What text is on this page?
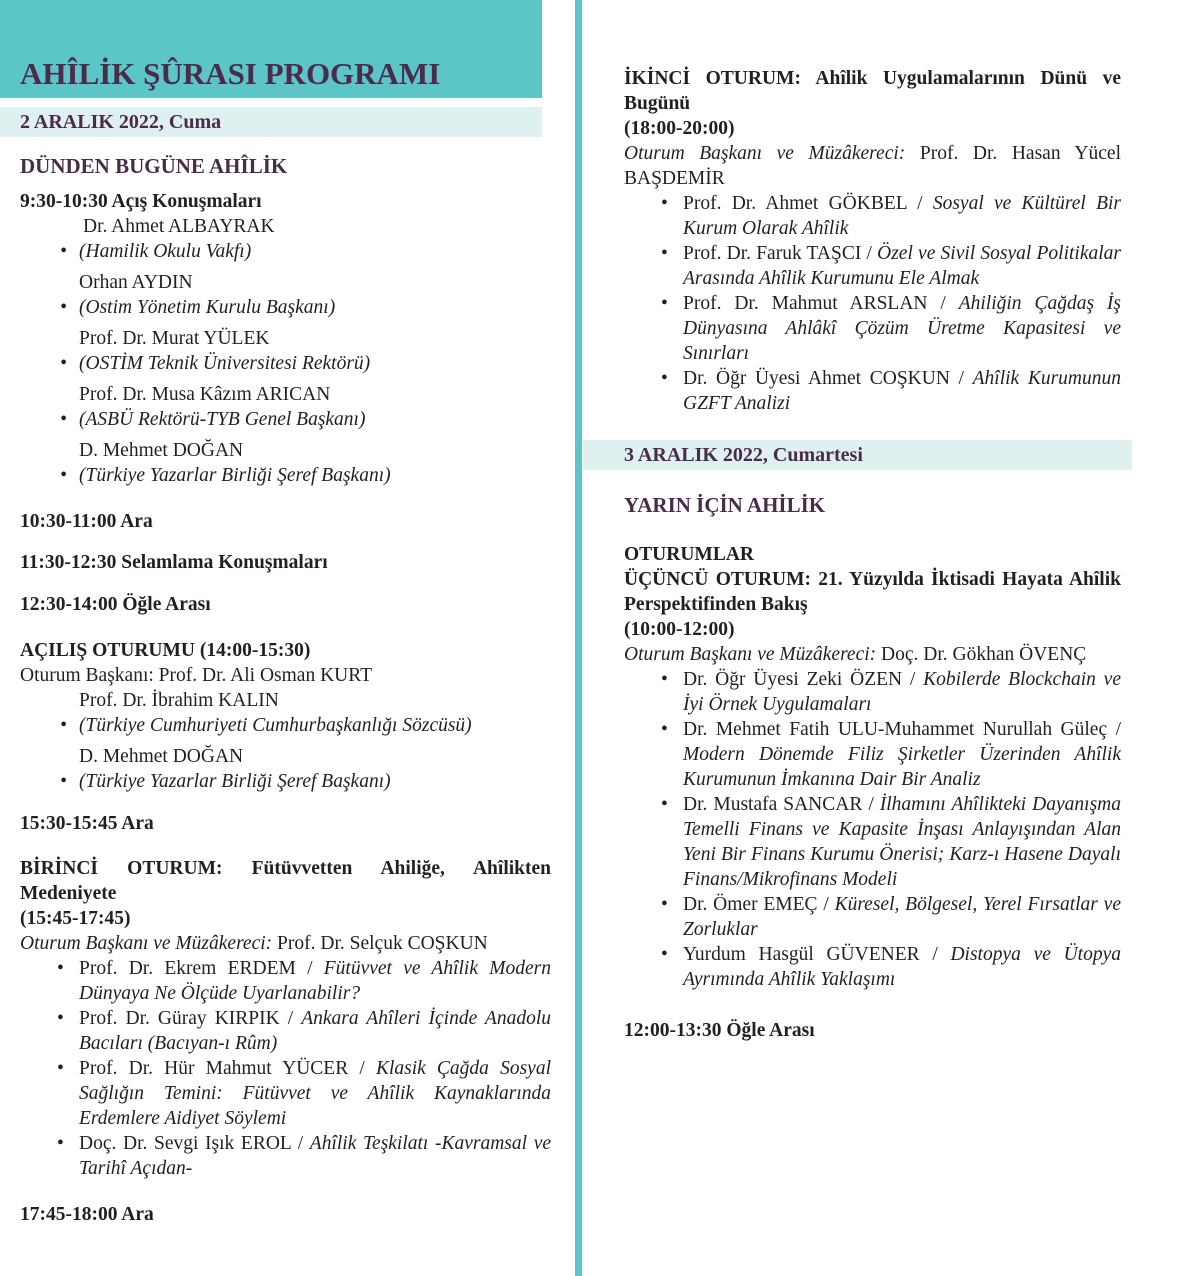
AHÎLİK ŞÛRASI PROGRAMI
2 ARALIK 2022, Cuma
DÜNDEN BUGÜNE AHÎLİK
9:30-10:30 Açış Konuşmaları
Dr. Ahmet ALBAYRAK
• (Hamilik Okulu Vakfı)
Orhan AYDIN
• (Ostim Yönetim Kurulu Başkanı)
Prof. Dr. Murat YÜLEK
• (OSTİM Teknik Üniversitesi Rektörü)
Prof. Dr. Musa Kâzım ARICAN
• (ASBÜ Rektörü-TYB Genel Başkanı)
D. Mehmet DOĞAN
• (Türkiye Yazarlar Birliği Şeref Başkanı)
10:30-11:00 Ara
11:30-12:30 Selamlama Konuşmaları
12:30-14:00 Öğle Arası
AÇILIŞ OTURUMU (14:00-15:30)
Oturum Başkanı: Prof. Dr. Ali Osman KURT
Prof. Dr. İbrahim KALIN
• (Türkiye Cumhuriyeti Cumhurbaşkanlığı Sözcüsü)
D. Mehmet DOĞAN
• (Türkiye Yazarlar Birliği Şeref Başkanı)
15:30-15:45 Ara
BİRİNCİ OTURUM: Fütüvvetten Ahiliğe, Ahîlikten Medeniyete
(15:45-17:45)
Oturum Başkanı ve Müzâkereci: Prof. Dr. Selçuk COŞKUN
•
Prof. Dr. Ekrem ERDEM / Fütüvvet ve Ahîlik Modern Dünyaya Ne Ölçüde Uyarlanabilir?
•
Prof. Dr. Güray KIRPIK / Ankara Ahîleri İçinde Anadolu Bacıları (Bacıyan-ı Rûm)
•
Prof. Dr. Hür Mahmut YÜCER / Klasik Çağda Sosyal Sağlığın Temini: Fütüvvet ve Ahîlik Kaynaklarında Erdemlere Aidiyet Söylemi
•
Doç. Dr. Sevgi Işık EROL / Ahîlik Teşkilatı -Kavramsal ve Tarihî Açıdan-
17:45-18:00 Ara
İKİNCİ OTURUM: Ahîlik Uygulamalarının Dünü ve Bugünü
(18:00-20:00)
Oturum Başkanı ve Müzâkereci: Prof. Dr. Hasan Yücel BAŞDEMİR
•
Prof. Dr. Ahmet GÖKBEL / Sosyal ve Kültürel Bir Kurum Olarak Ahîlik
•
Prof. Dr. Faruk TAŞCI / Özel ve Sivil Sosyal Politikalar Arasında Ahîlik Kurumunu Ele Almak
•
Prof. Dr. Mahmut ARSLAN / Ahiliğin Çağdaş İş Dünyasına Ahlâkî Çözüm Üretme Kapasitesi ve Sınırları
•
Dr. Öğr Üyesi Ahmet COŞKUN / Ahîlik Kurumunun GZFT Analizi
3 ARALIK 2022, Cumartesi
YARIN İÇİN AHİLİK
OTURUMLAR
ÜÇÜNCÜ OTURUM: 21. Yüzyılda İktisadi Hayata Ahîlik Perspektifinden Bakış
(10:00-12:00)
Oturum Başkanı ve Müzâkereci: Doç. Dr. Gökhan ÖVENÇ
•
Dr. Öğr Üyesi Zeki ÖZEN / Kobilerde Blockchain ve İyi Örnek Uygulamaları
•
Dr. Mehmet Fatih ULU-Muhammet Nurullah Güleç / Modern Dönemde Filiz Şirketler Üzerinden Ahîlik Kurumunun İmkanına Dair Bir Analiz
•
Dr. Mustafa SANCAR / İlhamını Ahîlikteki Dayanışma Temelli Finans ve Kapasite İnşası Anlayışından Alan Yeni Bir Finans Kurumu Önerisi; Karz-ı Hasene Dayalı Finans/Mikrofinans Modeli
•
Dr. Ömer EMEÇ / Küresel, Bölgesel, Yerel Fırsatlar ve Zorluklar
•
Yurdum Hasgül GÜVENER / Distopya ve Ütopya Ayrımında Ahîlik Yaklaşımı
12:00-13:30 Öğle Arası
